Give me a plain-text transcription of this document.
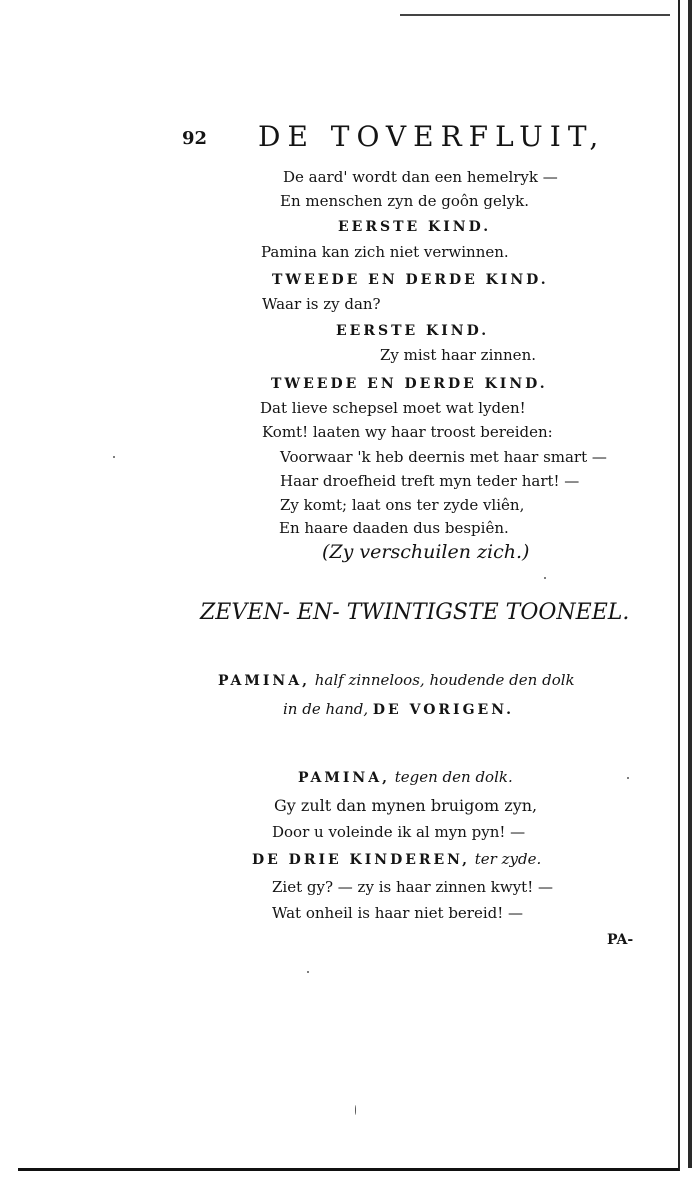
92 DE TOVERFLUIT,
De aard' wordt dan een hemelryk —
En menschen zyn de goôn gelyk.
EERSTE KIND.
Pamina kan zich niet verwinnen.
TWEEDE EN DERDE KIND.
Waar is zy dan?
EERSTE KIND.
Zy mist haar zinnen.
TWEEDE EN DERDE KIND.
Dat lieve schepsel moet wat lyden!
Komt! laaten wy haar troost bereiden:
Voorwaar 'k heb deernis met haar smart —
Haar droefheid treft myn teder hart! —
Zy komt; laat ons ter zyde vliên,
En haare daaden dus bespiên.
(Zy verschuilen zich.)
ZEVEN- EN- TWINTIGSTE TOONEEL.
PAMINA, half zinneloos, houdende den dolk
in de hand, DE VORIGEN.
PAMINA, tegen den dolk.
Gy zult dan mynen bruigom zyn,
Door u voleinde ik al myn pyn! —
DE DRIE KINDEREN, ter zyde.
Ziet gy? — zy is haar zinnen kwyt! —
Wat onheil is haar niet bereid! —
PA-
